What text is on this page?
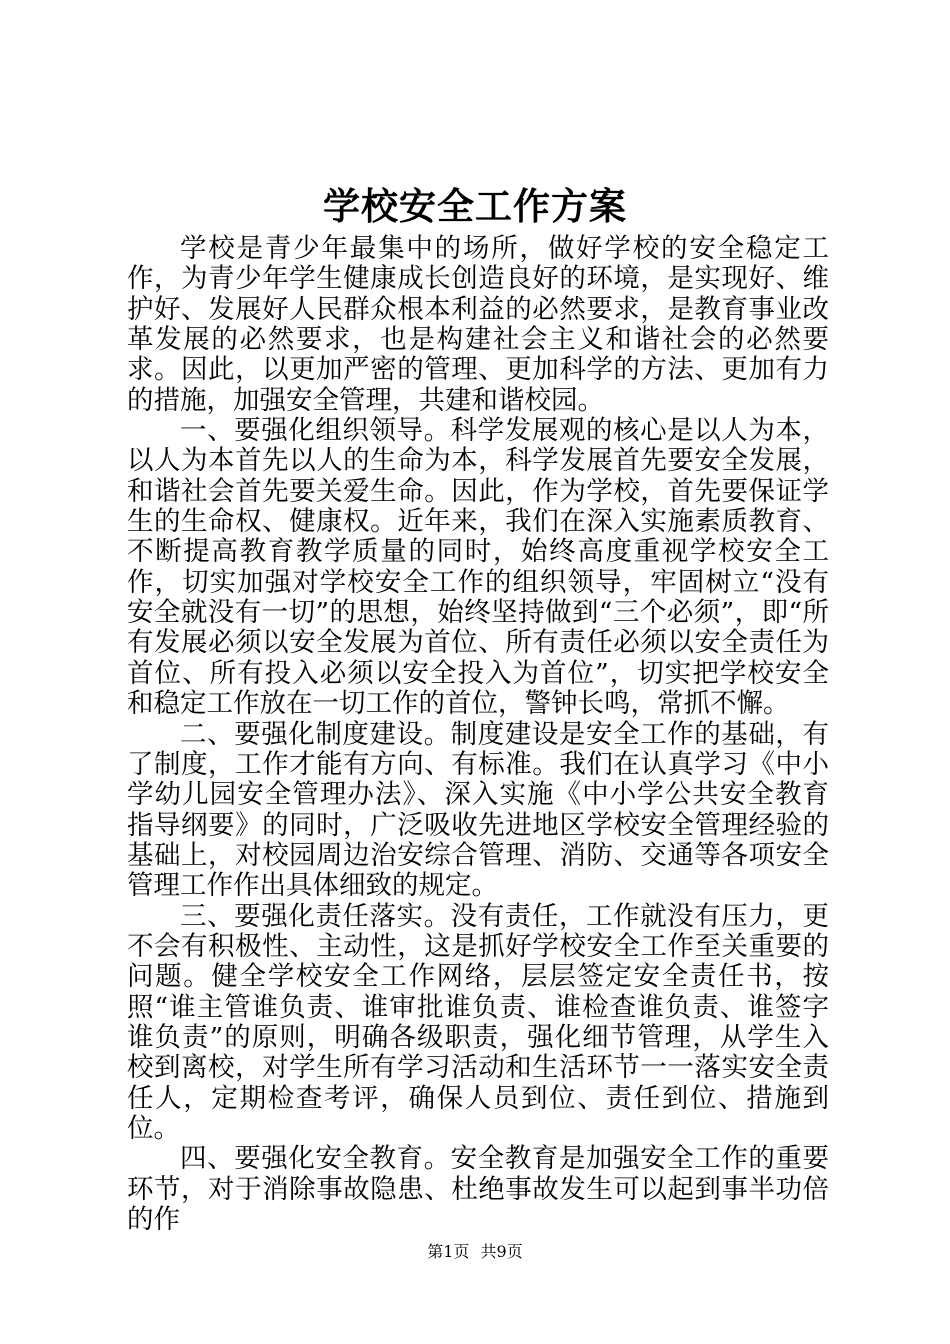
学校安全工作方案

学校是青少年最集中的场所，做好学校的安全稳定工作，为青少年学生健康成长创造良好的环境，是实现好、维护好、发展好人民群众根本利益的必然要求，是教育事业改革发展的必然要求，也是构建社会主义和谐社会的必然要求。因此，以更加严密的管理、更加科学的方法、更加有力的措施，加强安全管理，共建和谐校园。

一、要强化组织领导。科学发展观的核心是以人为本，以人为本首先以人的生命为本，科学发展首先要安全发展，和谐社会首先要关爱生命。因此，作为学校，首先要保证学生的生命权、健康权。近年来，我们在深入实施素质教育、不断提高教育教学质量的同时，始终高度重视学校安全工作，切实加强对学校安全工作的组织领导，牢固树立“没有安全就没有一切”的思想，始终坚持做到“三个必须”，即“所有发展必须以安全发展为首位、所有责任必须以安全责任为首位、所有投入必须以安全投入为首位”，切实把学校安全和稳定工作放在一切工作的首位，警钟长鸣，常抓不懈。

二、要强化制度建设。制度建设是安全工作的基础，有了制度，工作才能有方向、有标准。我们在认真学习《中小学幼儿园安全管理办法》、深入实施《中小学公共安全教育指导纲要》的同时，广泛吸收先进地区学校安全管理经验的基础上，对校园周边治安综合管理、消防、交通等各项安全管理工作作出具体细致的规定。

三、要强化责任落实。没有责任，工作就没有压力，更不会有积极性、主动性，这是抓好学校安全工作至关重要的问题。健全学校安全工作网络，层层签定安全责任书，按照“谁主管谁负责、谁审批谁负责、谁检查谁负责、谁签字谁负责”的原则，明确各级职责，强化细节管理，从学生入校到离校，对学生所有学习活动和生活环节一一落实安全责任人，定期检查考评，确保人员到位、责任到位、措施到位。

四、要强化安全教育。安全教育是加强安全工作的重要环节，对于消除事故隐患、杜绝事故发生可以起到事半功倍的作

第1页 共9页
